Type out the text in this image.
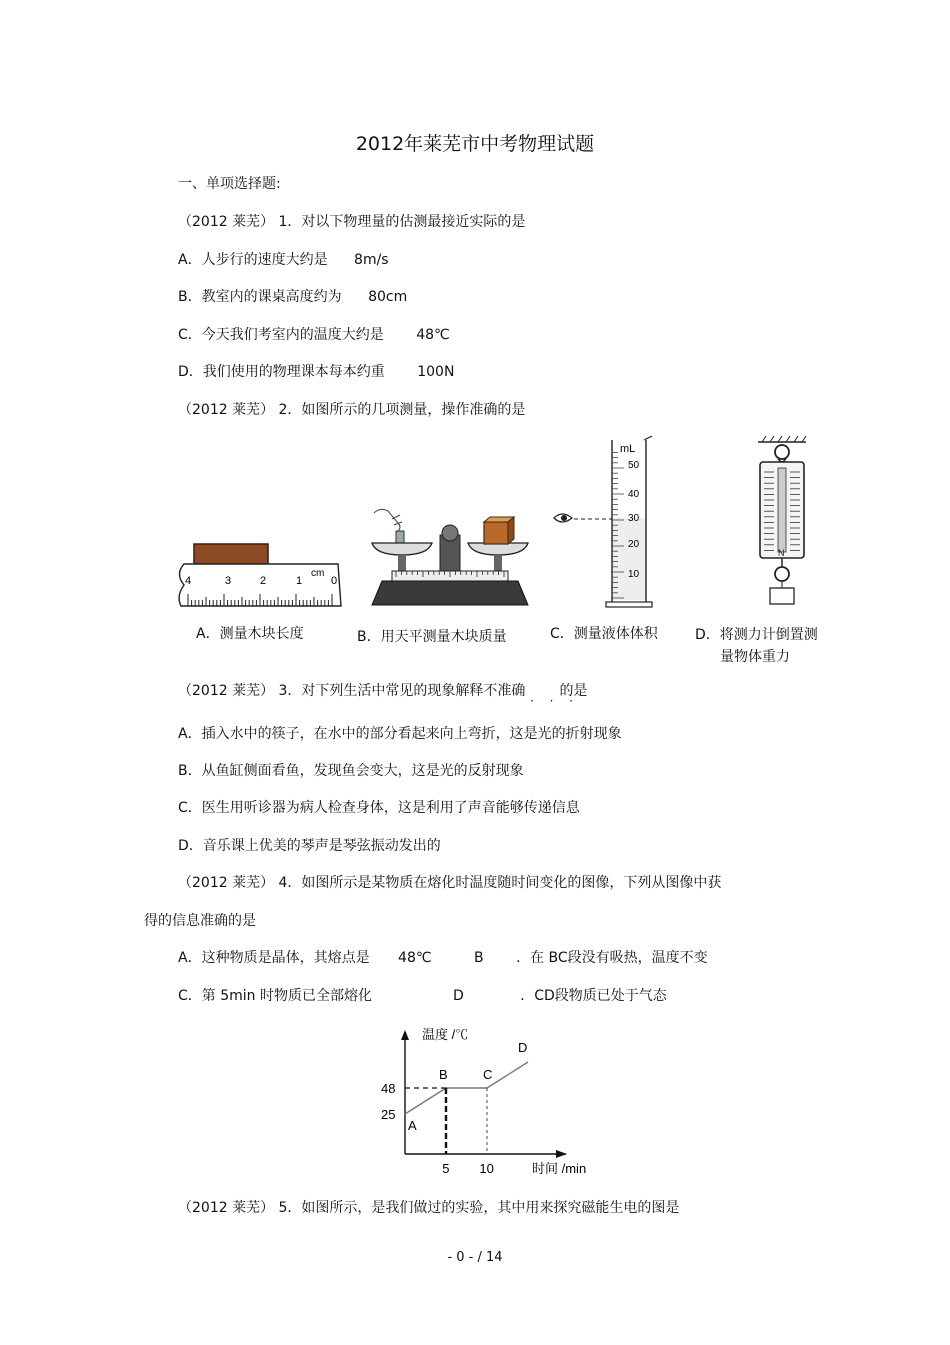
2012年莱芜市中考物理试题
一、单项选择题:
（2012 莱芜） 1．对以下物理量的估测最接近实际的是
A．人步行的速度大约是 8m/s
B．教室内的课桌高度约为 80cm
C．今天我们考室内的温度大约是 48℃
D．我们使用的物理课本每本约重 100N
（2012 莱芜） 2．如图所示的几项测量，操作准确的是
4	3	2	1	0
cm
mL
50
40
30
20
10
N
A．测量木块长度	B．用天平测量木块质量	C．测量液体体积	D．将测力计倒置测
量物体重力
（2012 莱芜） 3．对下列生活中常见的现象解释不准确 的是
· · ·
A．插入水中的筷子，在水中的部分看起来向上弯折，这是光的折射现象
B．从鱼缸侧面看鱼，发现鱼会变大，这是光的反射现象
C．医生用听诊器为病人检查身体，这是利用了声音能够传递信息
D．音乐课上优美的琴声是琴弦振动发出的
（2012 莱芜） 4．如图所示是某物质在熔化时温度随时间变化的图像，下列从图像中获
得的信息准确的是
A．这种物质是晶体，其熔点是 48℃	B ．在 BC段没有吸热，温度不变
C．第 5min 时物质已全部熔化	D	．CD段物质已处于气态
温度 /℃
时间 /min
A
B	C
D
25
48
5 10
（2012 莱芜） 5．如图所示，是我们做过的实验，其中用来探究磁能生电的图是
- 0 - / 14
